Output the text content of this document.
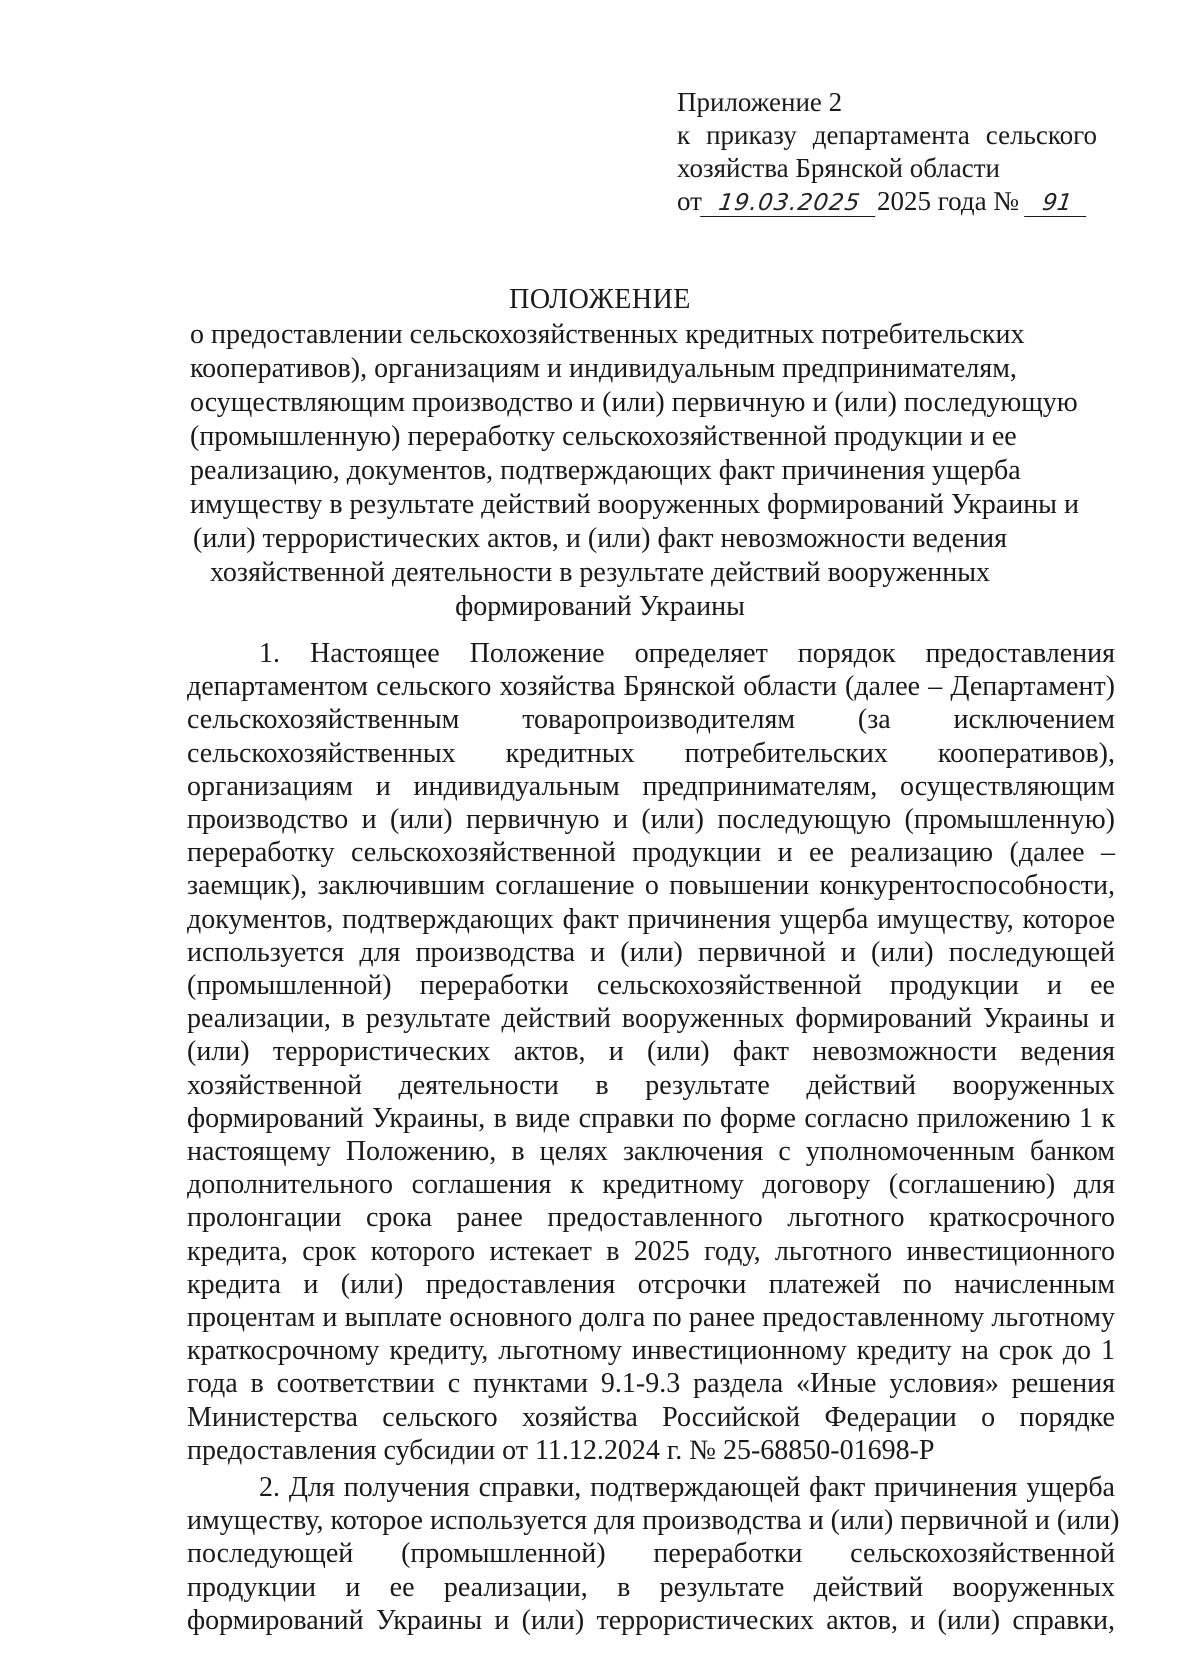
Приложение 2
к приказу департамента сельского
хозяйства Брянской области
от 19.03.2025 2025 года № 91
ПОЛОЖЕНИЕ
о предоставлении сельскохозяйственных кредитных потребительских
кооперативов), организациям и индивидуальным предпринимателям,
осуществляющим производство и (или) первичную и (или) последующую
(промышленную) переработку сельскохозяйственной продукции и ее
реализацию, документов, подтверждающих факт причинения ущерба
имуществу в результате действий вооруженных формирований Украины и
(или) террористических актов, и (или) факт невозможности ведения
хозяйственной деятельности в результате действий вооруженных
формирований Украины
1. Настоящее Положение определяет порядок предоставления
департаментом сельского хозяйства Брянской области (далее – Департамент)
сельскохозяйственным товаропроизводителям (за исключением
сельскохозяйственных кредитных потребительских кооперативов),
организациям и индивидуальным предпринимателям, осуществляющим
производство и (или) первичную и (или) последующую (промышленную)
переработку сельскохозяйственной продукции и ее реализацию (далее –
заемщик), заключившим соглашение о повышении конкурентоспособности,
документов, подтверждающих факт причинения ущерба имуществу, которое
используется для производства и (или) первичной и (или) последующей
(промышленной) переработки сельскохозяйственной продукции и ее
реализации, в результате действий вооруженных формирований Украины и
(или) террористических актов, и (или) факт невозможности ведения
хозяйственной деятельности в результате действий вооруженных
формирований Украины, в виде справки по форме согласно приложению 1 к
настоящему Положению, в целях заключения с уполномоченным банком
дополнительного соглашения к кредитному договору (соглашению) для
пролонгации срока ранее предоставленного льготного краткосрочного
кредита, срок которого истекает в 2025 году, льготного инвестиционного
кредита и (или) предоставления отсрочки платежей по начисленным
процентам и выплате основного долга по ранее предоставленному льготному
краткосрочному кредиту, льготному инвестиционному кредиту на срок до 1
года в соответствии с пунктами 9.1-9.3 раздела «Иные условия» решения
Министерства сельского хозяйства Российской Федерации о порядке
предоставления субсидии от 11.12.2024 г. № 25-68850-01698-Р
2. Для получения справки, подтверждающей факт причинения ущерба
имуществу, которое используется для производства и (или) первичной и (или)
последующей (промышленной) переработки сельскохозяйственной
продукции и ее реализации, в результате действий вооруженных
формирований Украины и (или) террористических актов, и (или) справки,
